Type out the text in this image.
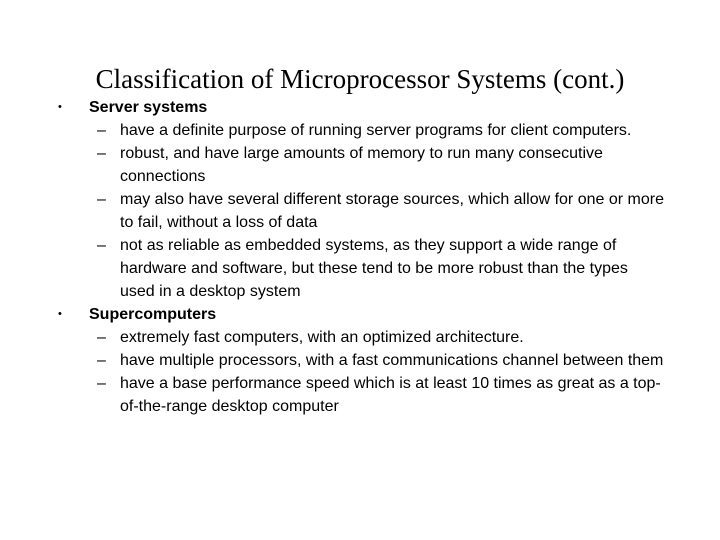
Classification of Microprocessor Systems (cont.)
• Server systems
– have a definite purpose of running server programs for client computers.
– robust, and have large amounts of memory to run many consecutive connections
– may also have several different storage sources, which allow for one or more to fail, without a loss of data
– not as reliable as embedded systems, as they support a wide range of hardware and software, but these tend to be more robust than the types used in a desktop system
• Supercomputers
– extremely fast computers, with an optimized architecture.
– have multiple processors, with a fast communications channel between them
– have a base performance speed which is at least 10 times as great as a top-of-the-range desktop computer
